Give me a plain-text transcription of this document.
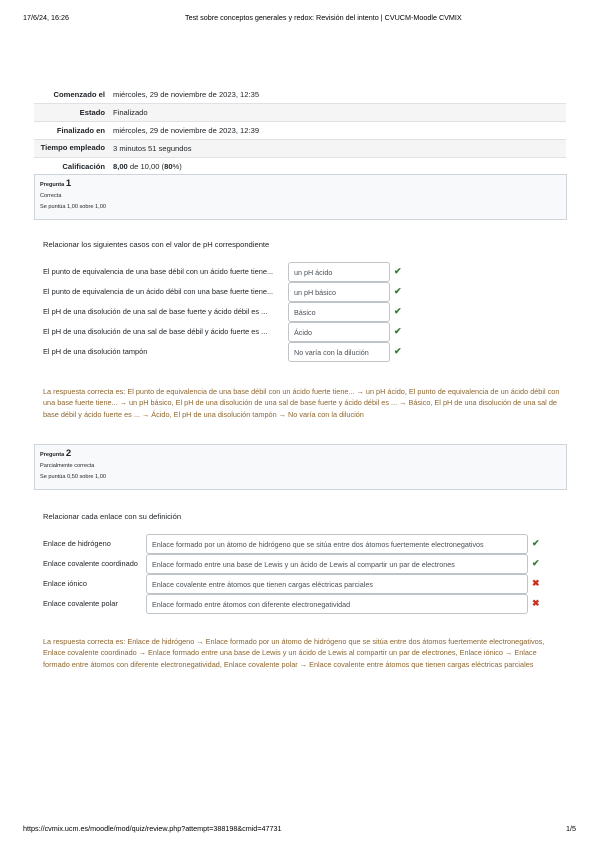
17/6/24, 16:26	Test sobre conceptos generales y redox: Revisión del intento | CVUCM-Moodle CVMIX
Comenzado el	miércoles, 29 de noviembre de 2023, 12:35
Estado	Finalizado
Finalizado en	miércoles, 29 de noviembre de 2023, 12:39
Tiempo empleado	3 minutos 51 segundos
Calificación	8,00 de 10,00 (80%)
Pregunta 1
Correcta
Se puntúa 1,00 sobre 1,00
Relacionar los siguientes casos con el valor de pH correspondiente
El punto de equivalencia de una base débil con un ácido fuerte tiene...	un pH ácido	✔
El punto de equivalencia de un ácido débil con una base fuerte tiene...	un pH básico	✔
El pH de una disolución de una sal de base fuerte y ácido débil es ...	Básico	✔
El pH de una disolución de una sal de base débil y ácido fuerte es ...	Ácido	✔
El pH de una disolución tampón	No varía con la dilución	✔
La respuesta correcta es: El punto de equivalencia de una base débil con un ácido fuerte tiene... → un pH ácido, El punto de equivalencia de un ácido débil con una base fuerte tiene... → un pH básico, El pH de una disolución de una sal de base fuerte y ácido débil es ... → Básico, El pH de una disolución de una sal de base débil y ácido fuerte es ... → Ácido, El pH de una disolución tampón → No varía con la dilución
Pregunta 2
Parcialmente correcta
Se puntúa 0,50 sobre 1,00
Relacionar cada enlace con su definición
Enlace de hidrógeno	Enlace formado por un átomo de hidrógeno que se sitúa entre dos átomos fuertemente electronegativos	✔
Enlace covalente coordinado	Enlace formado entre una base de Lewis y un ácido de Lewis al compartir un par de electrones	✔
Enlace iónico	Enlace covalente entre átomos que tienen cargas eléctricas parciales	✖
Enlace covalente polar	Enlace formado entre átomos con diferente electronegatividad	✖
La respuesta correcta es: Enlace de hidrógeno → Enlace formado por un átomo de hidrógeno que se sitúa entre dos átomos fuertemente electronegativos, Enlace covalente coordinado → Enlace formado entre una base de Lewis y un ácido de Lewis al compartir un par de electrones, Enlace iónico → Enlace formado entre átomos con diferente electronegatividad, Enlace covalente polar → Enlace covalente entre átomos que tienen cargas eléctricas parciales
https://cvmix.ucm.es/moodle/mod/quiz/review.php?attempt=388198&cmid=47731	1/5
